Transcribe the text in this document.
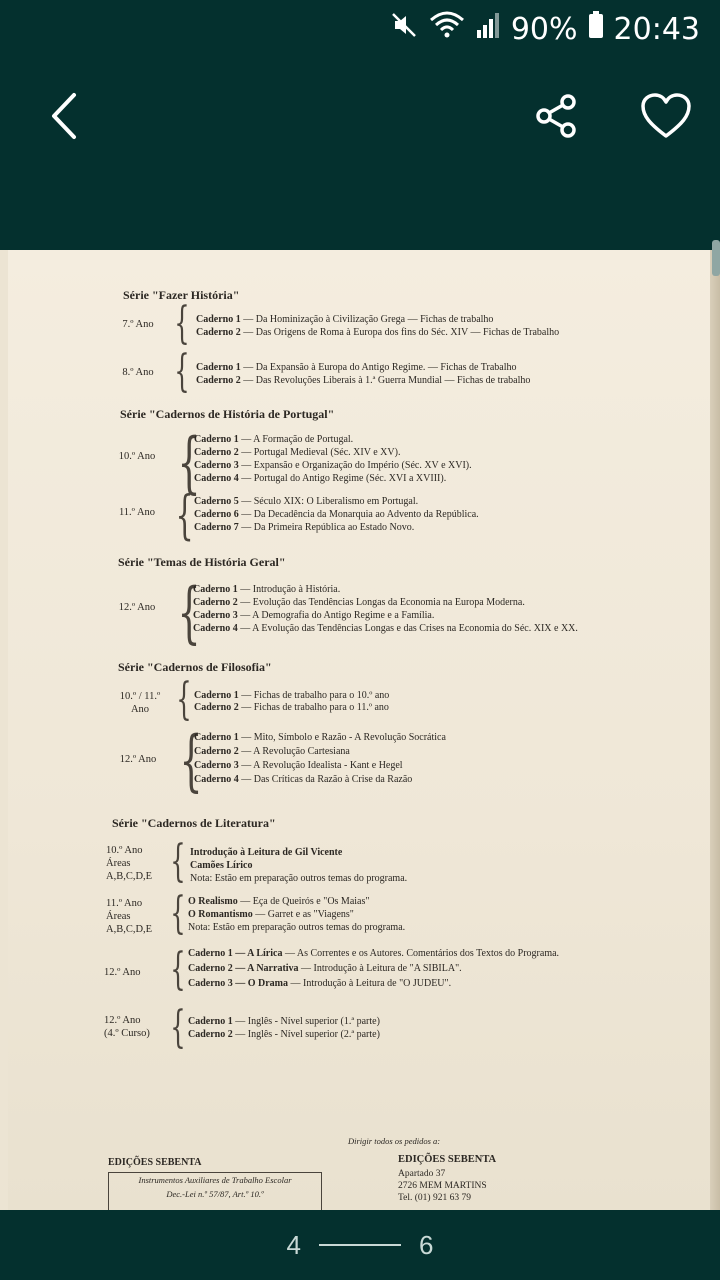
90% 20:43
Série "Fazer História"
7.º Ano { Caderno 1 — Da Hominização à Civilização Grega — Fichas de trabalho
Caderno 2 — Das Origens de Roma à Europa dos fins do Séc. XIV — Fichas de Trabalho
8.º Ano { Caderno 1 — Da Expansão à Europa do Antigo Regime. — Fichas de Trabalho
Caderno 2 — Das Revoluções Liberais à 1.ª Guerra Mundial — Fichas de trabalho
Série "Cadernos de História de Portugal"
10.º Ano {
Caderno 1 — A Formação de Portugal.
Caderno 2 — Portugal Medieval (Séc. XIV e XV).
Caderno 3 — Expansão e Organização do Império (Séc. XV e XVI).
Caderno 4 — Portugal do Antigo Regime (Séc. XVI a XVIII).
11.º Ano { Caderno 5 — Século XIX: O Liberalismo em Portugal.
Caderno 6 — Da Decadência da Monarquia ao Advento da República.
Caderno 7 — Da Primeira República ao Estado Novo.
Série "Temas de História Geral"
12.º Ano {
Caderno 1 — Introdução à História.
Caderno 2 — Evolução das Tendências Longas da Economia na Europa Moderna.
Caderno 3 — A Demografia do Antigo Regime e a Família.
Caderno 4 — A Evolução das Tendências Longas e das Crises na Economia do Séc. XIX e XX.
Série "Cadernos de Filosofia"
10.º / 11.º
Ano { Caderno 1 — Fichas de trabalho para o 10.º ano
Caderno 2 — Fichas de trabalho para o 11.º ano
12.º Ano {
Caderno 1 — Mito, Símbolo e Razão - A Revolução Socrática
Caderno 2 — A Revolução Cartesiana
Caderno 3 — A Revolução Idealista - Kant e Hegel
Caderno 4 — Das Críticas da Razão à Crise da Razão
Série "Cadernos de Literatura"
10.º Ano
Áreas
A,B,C,D,E { Introdução à Leitura de Gil Vicente
Camões Lírico
Nota: Estão em preparação outros temas do programa.
11.º Ano
Áreas
A,B,C,D,E { O Realismo — Eça de Queirós e "Os Maias"
O Romantismo — Garret e as "Viagens"
Nota: Estão em preparação outros temas do programa.
12.º Ano { Caderno 1 — A Lírica — As Correntes e os Autores. Comentários dos Textos do Programa.
Caderno 2 — A Narrativa — Introdução à Leitura de "A SIBILA".
Caderno 3 — O Drama — Introdução à Leitura de "O JUDEU".
12.º Ano
(4.º Curso) { Caderno 1 — Inglês - Nível superior (1.ª parte)
Caderno 2 — Inglês - Nível superior (2.ª parte)
EDIÇÕES SEBENTA
Instrumentos Auxiliares de Trabalho Escolar
Dec.-Lei n.º 57/87, Art.º 10.º
Dirigir todos os pedidos a:
EDIÇÕES SEBENTA
Apartado 37
2726 MEM MARTINS
Tel. (01) 921 63 79
4	6
